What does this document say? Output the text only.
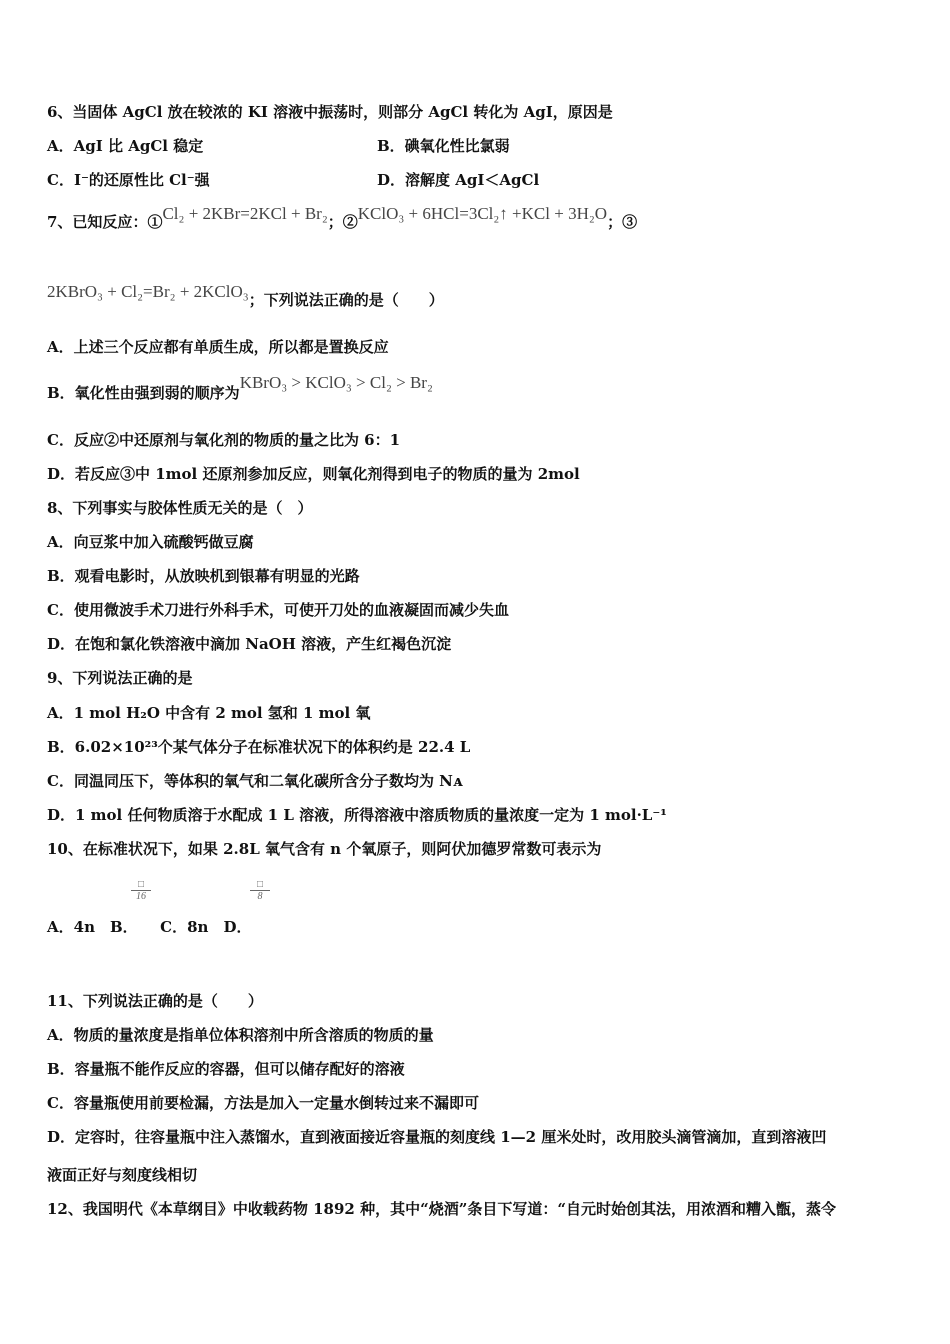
6、当固体 AgCl 放在较浓的 KI 溶液中振荡时，则部分 AgCl 转化为 AgI，原因是
A．AgI 比 AgCl 稳定	B．碘氧化性比氯弱
C．I⁻的还原性比 Cl⁻强	D．溶解度 AgI＜AgCl
7、已知反应：①Cl₂ + 2KBr=2KCl + Br₂；②KClO₃ + 6HCl=3Cl₂↑ +KCl + 3H₂O；③
2KBrO₃ + Cl₂=Br₂ + 2KClO₃；下列说法正确的是（　　）
A．上述三个反应都有单质生成，所以都是置换反应
B．氧化性由强到弱的顺序为KBrO₃ > KClO₃ > Cl₂ > Br₂
C．反应②中还原剂与氧化剂的物质的量之比为 6：1
D．若反应③中 1mol 还原剂参加反应，则氧化剂得到电子的物质的量为 2mol
8、下列事实与胶体性质无关的是（　）
A．向豆浆中加入硫酸钙做豆腐
B．观看电影时，从放映机到银幕有明显的光路
C．使用微波手术刀进行外科手术，可使开刀处的血液凝固而减少失血
D．在饱和氯化铁溶液中滴加 NaOH 溶液，产生红褐色沉淀
9、下列说法正确的是
A．1 mol H₂O 中含有 2 mol 氢和 1 mol 氧
B．6.02×10²³个某气体分子在标准状况下的体积约是 22.4 L
C．同温同压下，等体积的氧气和二氧化碳所含分子数均为 Nᴀ
D．1 mol 任何物质溶于水配成 1 L 溶液，所得溶液中溶质物质的量浓度一定为 1 mol·L⁻¹
10、在标准状况下，如果 2.8L 氧气含有 n 个氧原子，则阿伏加德罗常数可表示为
□
16
□
8
A．4n　B．　　C．8n　D．
11、下列说法正确的是（　　）
A．物质的量浓度是指单位体积溶剂中所含溶质的物质的量
B．容量瓶不能作反应的容器，但可以储存配好的溶液
C．容量瓶使用前要检漏，方法是加入一定量水倒转过来不漏即可
D．定容时，往容量瓶中注入蒸馏水，直到液面接近容量瓶的刻度线 1—2 厘米处时，改用胶头滴管滴加，直到溶液凹
液面正好与刻度线相切
12、我国明代《本草纲目》中收载药物 1892 种，其中“烧酒”条目下写道：“自元时始创其法，用浓酒和糟入甑，蒸令
